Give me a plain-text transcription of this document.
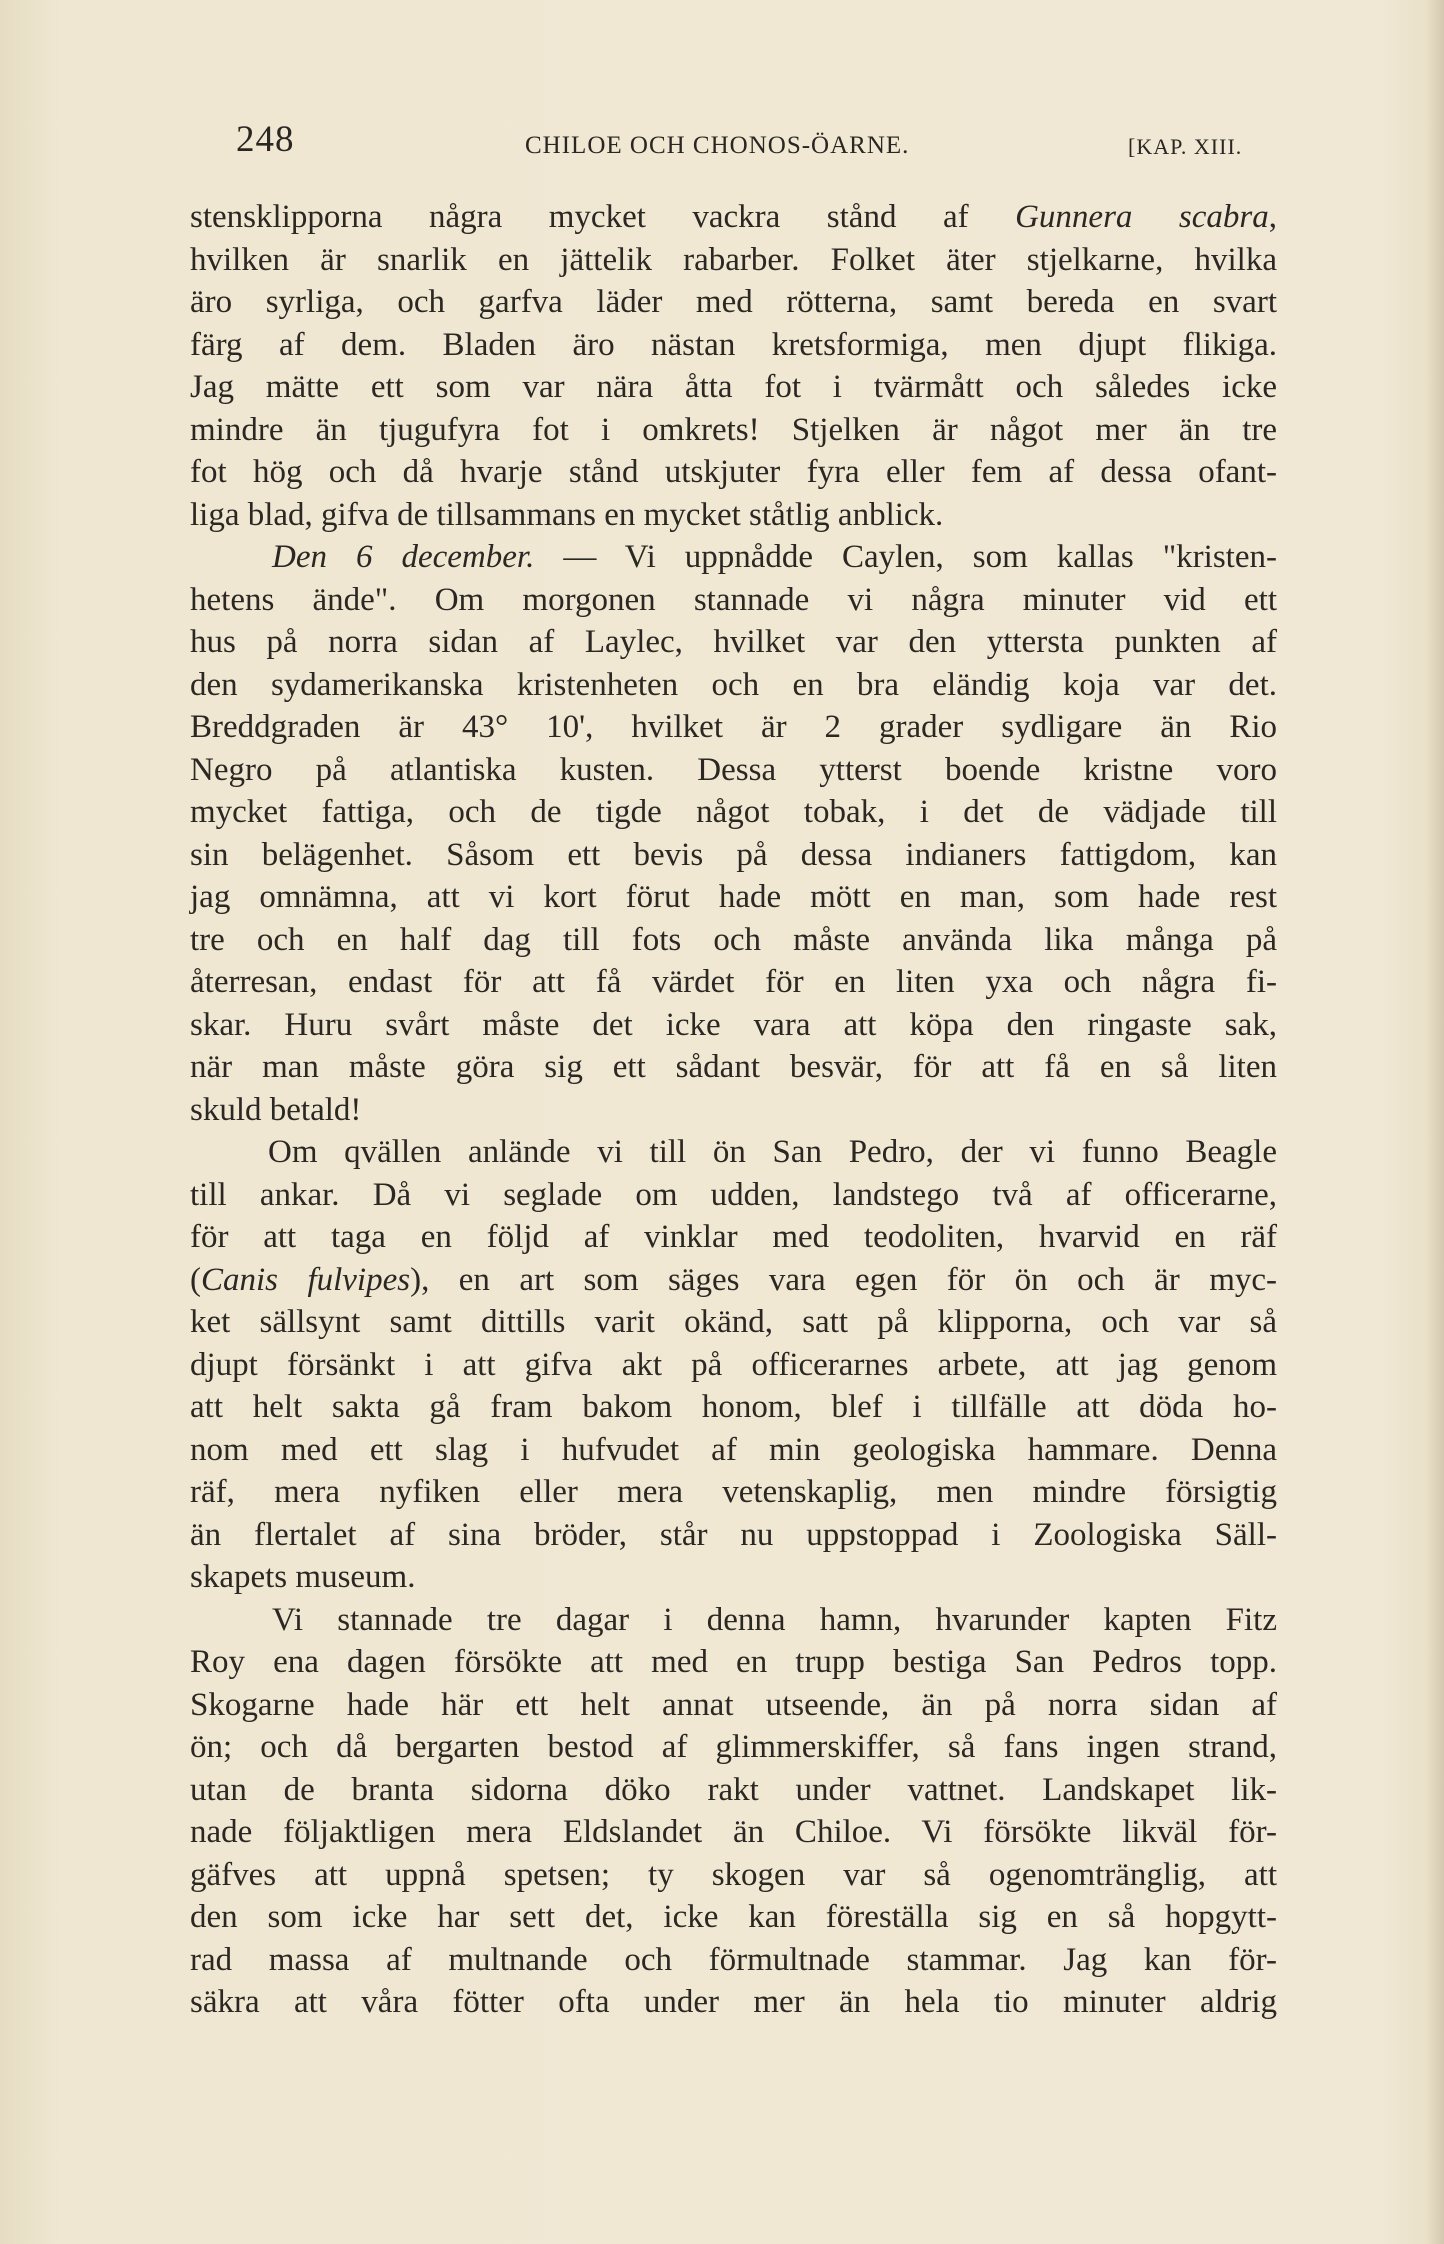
248	CHILOE OCH CHONOS-ÖARNE.	[KAP. XIII.
stensklipporna några mycket vackra stånd af Gunnera scabra,
hvilken är snarlik en jättelik rabarber. Folket äter stjelkarne, hvilka
äro syrliga, och garfva läder med rötterna, samt bereda en svart
färg af dem. Bladen äro nästan kretsformiga, men djupt flikiga.
Jag mätte ett som var nära åtta fot i tvärmått och således icke
mindre än tjugufyra fot i omkrets! Stjelken är något mer än tre
fot hög och då hvarje stånd utskjuter fyra eller fem af dessa ofant-
liga blad, gifva de tillsammans en mycket ståtlig anblick.
Den 6 december. — Vi uppnådde Caylen, som kallas "kristen-
hetens ände". Om morgonen stannade vi några minuter vid ett
hus på norra sidan af Laylec, hvilket var den yttersta punkten af
den sydamerikanska kristenheten och en bra eländig koja var det.
Breddgraden är 43° 10', hvilket är 2 grader sydligare än Rio
Negro på atlantiska kusten. Dessa ytterst boende kristne voro
mycket fattiga, och de tigde något tobak, i det de vädjade till
sin belägenhet. Såsom ett bevis på dessa indianers fattigdom, kan
jag omnämna, att vi kort förut hade mött en man, som hade rest
tre och en half dag till fots och måste använda lika många på
återresan, endast för att få värdet för en liten yxa och några fi-
skar. Huru svårt måste det icke vara att köpa den ringaste sak,
när man måste göra sig ett sådant besvär, för att få en så liten
skuld betald!
Om qvällen anlände vi till ön San Pedro, der vi funno Beagle
till ankar. Då vi seglade om udden, landstego två af officerarne,
för att taga en följd af vinklar med teodoliten, hvarvid en räf
(Canis fulvipes), en art som säges vara egen för ön och är myc-
ket sällsynt samt dittills varit okänd, satt på klipporna, och var så
djupt försänkt i att gifva akt på officerarnes arbete, att jag genom
att helt sakta gå fram bakom honom, blef i tillfälle att döda ho-
nom med ett slag i hufvudet af min geologiska hammare. Denna
räf, mera nyfiken eller mera vetenskaplig, men mindre försigtig
än flertalet af sina bröder, står nu uppstoppad i Zoologiska Säll-
skapets museum.
Vi stannade tre dagar i denna hamn, hvarunder kapten Fitz
Roy ena dagen försökte att med en trupp bestiga San Pedros topp.
Skogarne hade här ett helt annat utseende, än på norra sidan af
ön; och då bergarten bestod af glimmerskiffer, så fans ingen strand,
utan de branta sidorna döko rakt under vattnet. Landskapet lik-
nade följaktligen mera Eldslandet än Chiloe. Vi försökte likväl för-
gäfves att uppnå spetsen; ty skogen var så ogenomtränglig, att
den som icke har sett det, icke kan föreställa sig en så hopgytt-
rad massa af multnande och förmultnade stammar. Jag kan för-
säkra att våra fötter ofta under mer än hela tio minuter aldrig
